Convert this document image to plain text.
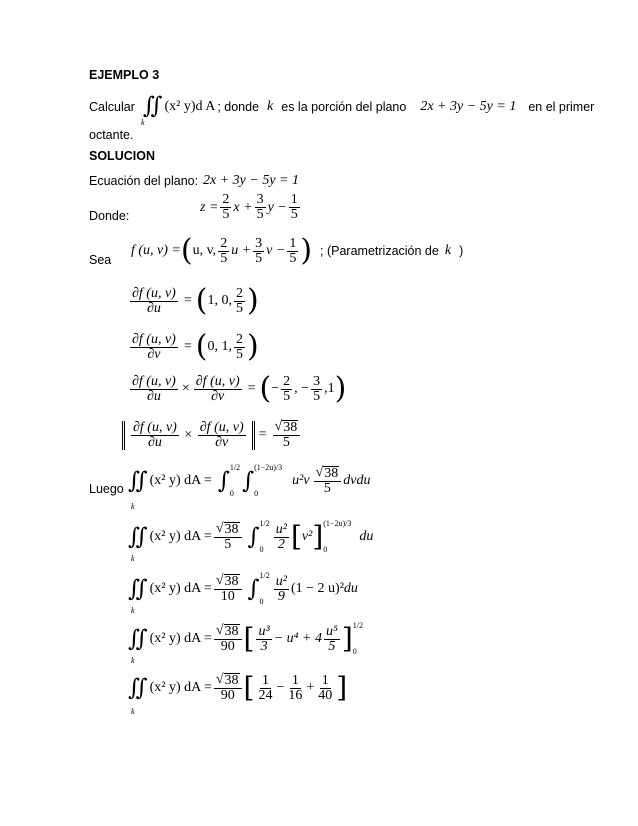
EJEMPLO 3
Calcular ∬ (x² y)d A ; donde k es la porción del plano 2x + 3y − 5y = 1 en el primer
k
octante.
SOLUCION
Ecuación del plano: 2x + 3y − 5y = 1
Donde:
$z = \frac{2}{5}$ $x + \frac{3}{5}$ $y - \frac{1}{5}$
Sea
f (u, v) = ( u, v, $\frac{2}{5}$ $u + \frac{3}{5}$ $v - \frac{1}{5}$ ) ; (Parametrización de k )
$\frac{\partial f (u, v)}{\partial u}$ = ( 1, 0, $\frac{2}{5}$ )
$\frac{\partial f (u, v)}{\partial v}$ = ( 0, 1, $\frac{2}{5}$ )
$\frac{\partial f (u, v)}{\partial u} \times \frac{\partial f (u, v)}{\partial v}$ = ( − $\frac{2}{5}$ , − $\frac{3}{5} ,1$ )
$\frac{\partial f (u, v)}{\partial u} \times \frac{\partial f (u, v)}{\partial v} = \frac{√ 38}{5}$
Luego ∬ (x² y) dA = ∫ 1/2
0 ∫ (1−2u)/3
0
$u^2v \frac{√ 38}{5}$ dvdu
k
∬ (x² y) dA = $\frac{√ 38}{5}$ ∫ 1/2
$0 \frac{\text{u²}}{2}$ [ v² ] (1−2u)/3
0
du
k
∬ (x² y) dA = $\frac{√ 38}{10}$ ∫ 1/2
$0 \frac{\text{u²}}{9} (1 - 2$ u)² du
k
∬ (x² y) dA = $\frac{√ 38}{90}$ [ $\frac{\text{u³}}{3} - u^4 + 4 \frac{\text{u⁵}}{5}$ ] 1/2
0
k
∬ (x² y) dA = $\frac{√ 38}{90}$ [ $\frac{1}{24} - \frac{1}{16} + \frac{1}{40}$ ]
k
